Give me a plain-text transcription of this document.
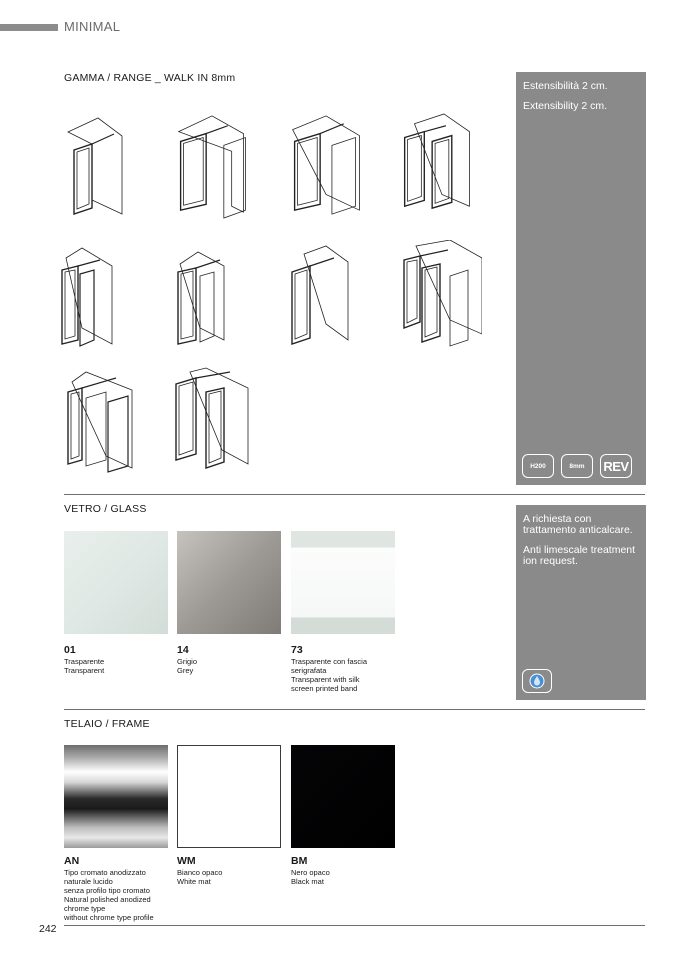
MINIMAL
GAMMA / RANGE _ WALK IN 8mm

Estensibilità 2 cm.

Extensibility 2 cm.

H200	8mm	REV
VETRO / GLASS

A richiesta con trattamento anticalcare.

Anti limescale treatment ion request.

01
Trasparente
Transparent
14
Grigio
Grey
73
Trasparente con fascia
serigrafata
Transparent with silk
screen printed band
TELAIO / FRAME
AN
Tipo cromato anodizzato
naturale lucido
senza profilo tipo cromato
Natural polished anodized
chrome type
without chrome type profile
WM
Bianco opaco
White mat
BM
Nero opaco
Black mat
242
